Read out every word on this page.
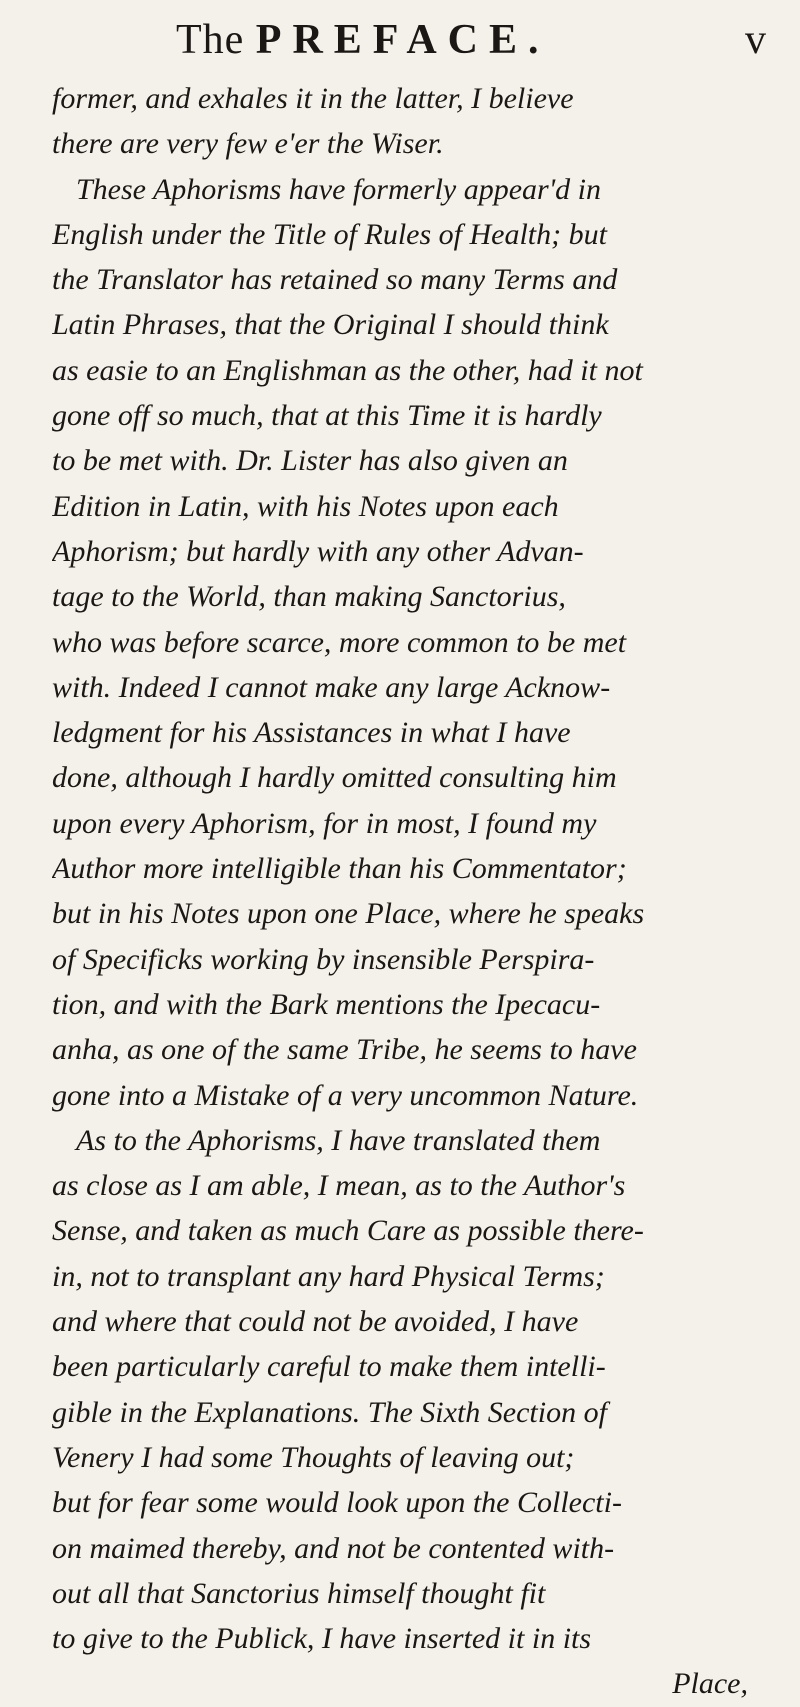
The PREFACE.	v
former, and exhales it in the latter, I believe
there are very few e'er the Wiser.
These Aphorisms have formerly appear'd in
English under the Title of Rules of Health; but
the Translator has retained so many Terms and
Latin Phrases, that the Original I should think
as easie to an Englishman as the other, had it not
gone off so much, that at this Time it is hardly
to be met with. Dr. Lister has also given an
Edition in Latin, with his Notes upon each
Aphorism; but hardly with any other Advan-
tage to the World, than making Sanctorius,
who was before scarce, more common to be met
with. Indeed I cannot make any large Acknow-
ledgment for his Assistances in what I have
done, although I hardly omitted consulting him
upon every Aphorism, for in most, I found my
Author more intelligible than his Commentator;
but in his Notes upon one Place, where he speaks
of Specificks working by insensible Perspira-
tion, and with the Bark mentions the Ipecacu-
anha, as one of the same Tribe, he seems to have
gone into a Mistake of a very uncommon Nature.
As to the Aphorisms, I have translated them
as close as I am able, I mean, as to the Author's
Sense, and taken as much Care as possible there-
in, not to transplant any hard Physical Terms;
and where that could not be avoided, I have
been particularly careful to make them intelli-
gible in the Explanations. The Sixth Section of
Venery I had some Thoughts of leaving out;
but for fear some would look upon the Collecti-
on maimed thereby, and not be contented with-
out all that Sanctorius himself thought fit
to give to the Publick, I have inserted it in its
Place,
